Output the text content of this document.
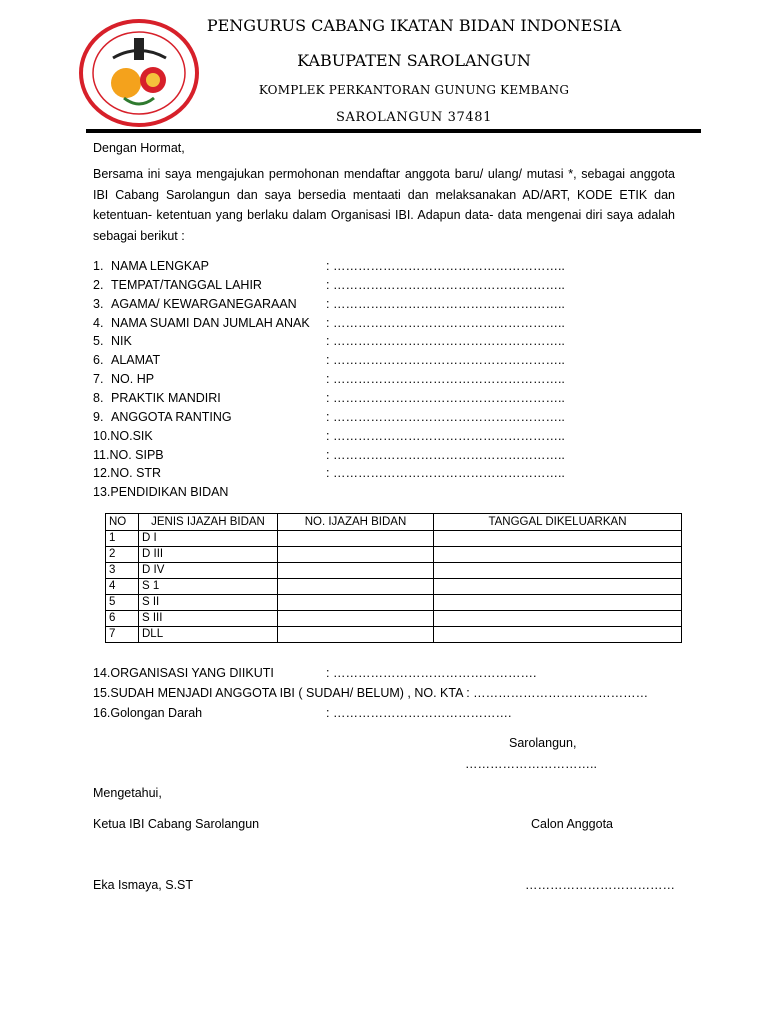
PENGURUS CABANG IKATAN BIDAN INDONESIA
KABUPATEN SAROLANGUN
KOMPLEK PERKANTORAN GUNUNG KEMBANG
SAROLANGUN 37481
Dengan Hormat,
Bersama ini saya mengajukan permohonan mendaftar anggota baru/ ulang/ mutasi *, sebagai anggota IBI Cabang Sarolangun dan saya bersedia mentaati dan melaksanakan AD/ART, KODE ETIK dan ketentuan- ketentuan yang berlaku dalam Organisasi IBI. Adapun data- data mengenai diri saya adalah sebagai berikut :
1. NAMA LENGKAP	: ………………………………………………..
2. TEMPAT/TANGGAL LAHIR	: ………………………………………………..
3. AGAMA/ KEWARGANEGARAAN : ………………………………………………..
4. NAMA SUAMI DAN JUMLAH ANAK : ………………………………………………..
5. NIK	: ………………………………………………..
6. ALAMAT	: ………………………………………………..
7. NO. HP	: ………………………………………………..
8. PRAKTIK MANDIRI	: ………………………………………………..
9. ANGGOTA RANTING	: ………………………………………………..
10.NO.SIK	: ………………………………………………..
11.NO. SIPB	: ………………………………………………..
12.NO. STR	: ………………………………………………..
13.PENDIDIKAN BIDAN
NO	JENIS IJAZAH BIDAN	NO. IJAZAH BIDAN	TANGGAL DIKELUARKAN
1	D I		
2	D III		
3	D IV		
4	S 1		
5	S II		
6	S III		
7	DLL		
14.ORGANISASI YANG DIIKUTI	: ………………………………………….
15.SUDAH MENJADI ANGGOTA IBI ( SUDAH/ BELUM) , NO. KTA : ……………………………………
16.Golongan Darah	: …………………………………….
Sarolangun,
…………………………..
Mengetahui,
Ketua IBI Cabang Sarolangun	Calon Anggota
Eka Ismaya, S.ST	………………………………
